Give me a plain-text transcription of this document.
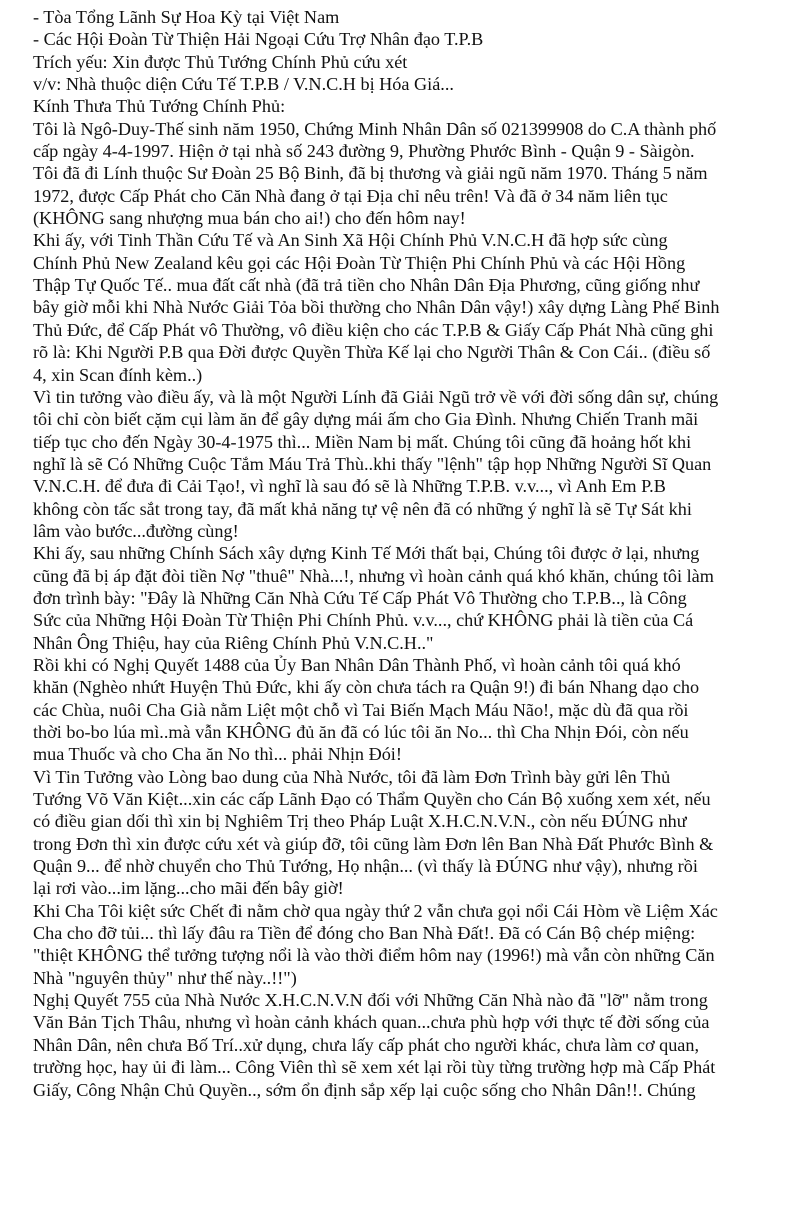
- Tòa Tổng Lãnh Sự Hoa Kỳ tại Việt Nam
- Các Hội Đoàn Từ Thiện Hải Ngoại Cứu Trợ Nhân đạo T.P.B
Trích yếu: Xin được Thủ Tướng Chính Phủ cứu xét
v/v: Nhà thuộc diện Cứu Tế T.P.B / V.N.C.H bị Hóa Giá...
Kính Thưa Thủ Tướng Chính Phủ:
Tôi là Ngô-Duy-Thế sinh năm 1950, Chứng Minh Nhân Dân số 021399908 do C.A thành phố
cấp ngày 4-4-1997. Hiện ở tại nhà số 243 đường 9, Phường Phước Bình - Quận 9 - Sàigòn.
Tôi đã đi Lính thuộc Sư Đoàn 25 Bộ Binh, đã bị thương và giải ngũ năm 1970. Tháng 5 năm
1972, được Cấp Phát cho Căn Nhà đang ở tại Địa chỉ nêu trên! Và đã ở 34 năm liên tục
(KHÔNG sang nhượng mua bán cho ai!) cho đến hôm nay!
Khi ấy, với Tinh Thần Cứu Tế và An Sinh Xã Hội Chính Phủ V.N.C.H đã hợp sức cùng
Chính Phủ New Zealand kêu gọi các Hội Đoàn Từ Thiện Phi Chính Phủ và các Hội Hồng
Thập Tự Quốc Tế.. mua đất cất nhà (đã trả tiền cho Nhân Dân Địa Phương, cũng giống như
bây giờ mỗi khi Nhà Nước Giải Tỏa bồi thường cho Nhân Dân vậy!) xây dựng Làng Phế Binh
Thủ Đức, để Cấp Phát vô Thường, vô điều kiện cho các T.P.B & Giấy Cấp Phát Nhà cũng ghi
rõ là: Khi Người P.B qua Đời được Quyền Thừa Kế lại cho Người Thân & Con Cái.. (điều số
4, xin Scan đính kèm..)
Vì tin tưởng vào điều ấy, và là một Người Lính đã Giải Ngũ trở về với đời sống dân sự, chúng
tôi chỉ còn biết cặm cụi làm ăn để gây dựng mái ấm cho Gia Đình. Nhưng Chiến Tranh mãi
tiếp tục cho đến Ngày 30-4-1975 thì... Miền Nam bị mất. Chúng tôi cũng đã hoảng hốt khi
nghĩ là sẽ Có Những Cuộc Tắm Máu Trả Thù..khi thấy "lệnh" tập họp Những Người Sĩ Quan
V.N.C.H. để đưa đi Cải Tạo!, vì nghĩ là sau đó sẽ là Những T.P.B. v.v..., vì Anh Em P.B
không còn tấc sắt trong tay, đã mất khả năng tự vệ nên đã có những ý nghĩ là sẽ Tự Sát khi
lâm vào bước...đường cùng!
Khi ấy, sau những Chính Sách xây dựng Kinh Tế Mới thất bại, Chúng tôi được ở lại, nhưng
cũng đã bị áp đặt đòi tiền Nợ "thuê" Nhà...!, nhưng vì hoàn cảnh quá khó khăn, chúng tôi làm
đơn trình bày: "Đây là Những Căn Nhà Cứu Tế Cấp Phát Vô Thường cho T.P.B.., là Công
Sức của Những Hội Đoàn Từ Thiện Phi Chính Phủ. v.v..., chứ KHÔNG phải là tiền của Cá
Nhân Ông Thiệu, hay của Riêng Chính Phủ V.N.C.H.."
Rồi khi có Nghị Quyết 1488 của Ủy Ban Nhân Dân Thành Phố, vì hoàn cảnh tôi quá khó
khăn (Nghèo nhứt Huyện Thủ Đức, khi ấy còn chưa tách ra Quận 9!) đi bán Nhang dạo cho
các Chùa, nuôi Cha Già nằm Liệt một chỗ vì Tai Biến Mạch Máu Não!, mặc dù đã qua rồi
thời bo-bo lúa mì..mà vẫn KHÔNG đủ ăn đã có lúc tôi ăn No... thì Cha Nhịn Đói, còn nếu
mua Thuốc và cho Cha ăn No thì... phải Nhịn Đói!
Vì Tin Tưởng vào Lòng bao dung của Nhà Nước, tôi đã làm Đơn Trình bày gửi lên Thủ
Tướng Võ Văn Kiệt...xin các cấp Lãnh Đạo có Thẩm Quyền cho Cán Bộ xuống xem xét, nếu
có điều gian dối thì xin bị Nghiêm Trị theo Pháp Luật X.H.C.N.V.N., còn nếu ĐÚNG như
trong Đơn thì xin được cứu xét và giúp đỡ, tôi cũng làm Đơn lên Ban Nhà Đất Phước Bình &
Quận 9... để nhờ chuyển cho Thủ Tướng, Họ nhận... (vì thấy là ĐÚNG như vậy), nhưng rồi
lại rơi vào...im lặng...cho mãi đến bây giờ!
Khi Cha Tôi kiệt sức Chết đi nằm chờ qua ngày thứ 2 vẫn chưa gọi nổi Cái Hòm về Liệm Xác
Cha cho đỡ tủi... thì lấy đâu ra Tiền để đóng cho Ban Nhà Đất!. Đã có Cán Bộ chép miệng:
"thiệt KHÔNG thể tưởng tượng nổi là vào thời điểm hôm nay (1996!) mà vẫn còn những Căn
Nhà "nguyên thủy" như thế này..!!")
Nghị Quyết 755 của Nhà Nước X.H.C.N.V.N đối với Những Căn Nhà nào đã "lỡ" nằm trong
Văn Bản Tịch Thâu, nhưng vì hoàn cảnh khách quan...chưa phù hợp với thực tế đời sống của
Nhân Dân, nên chưa Bố Trí..xử dụng, chưa lấy cấp phát cho người khác, chưa làm cơ quan,
trường học, hay ủi đi làm... Công Viên thì sẽ xem xét lại rồi tùy từng trường hợp mà Cấp Phát
Giấy, Công Nhận Chủ Quyền.., sớm ổn định sắp xếp lại cuộc sống cho Nhân Dân!!. Chúng
